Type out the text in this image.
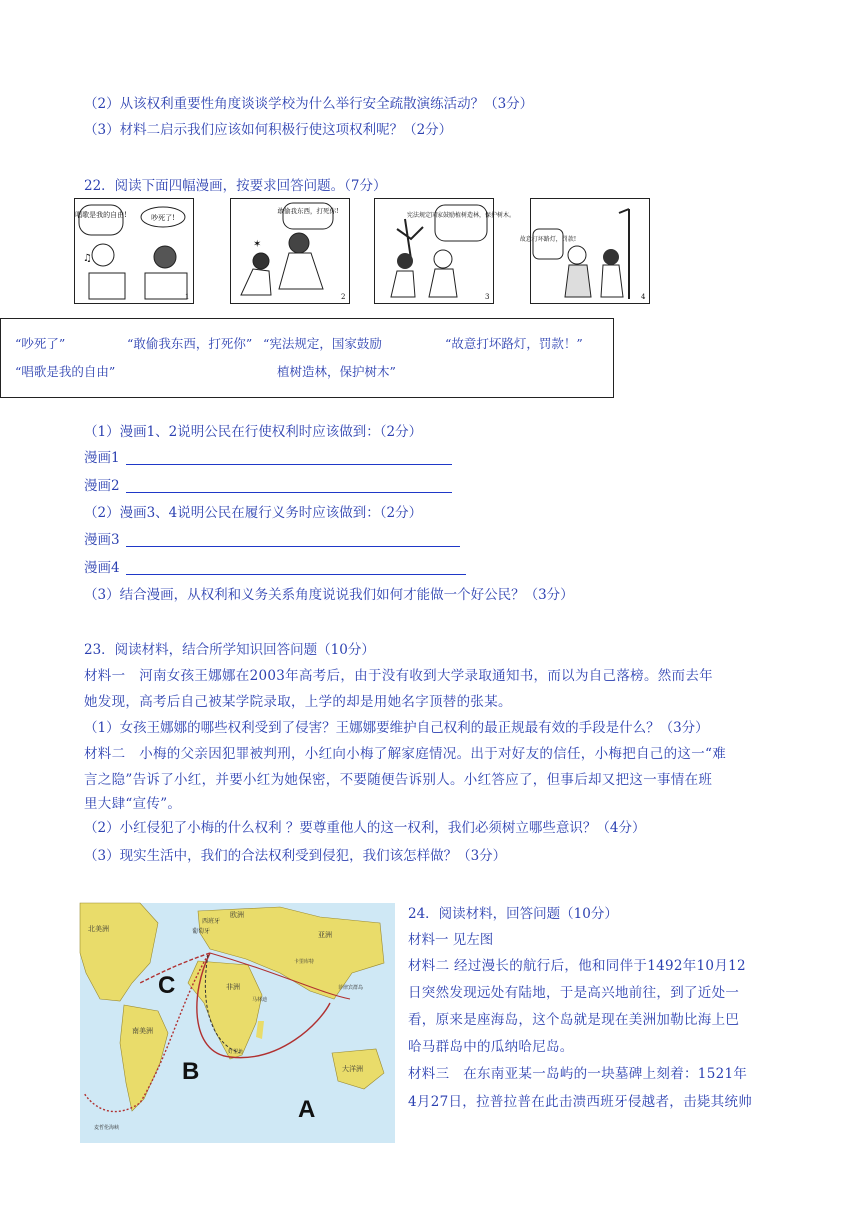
（2）从该权利重要性角度谈谈学校为什么举行安全疏散演练活动？（3分）
（3）材料二启示我们应该如何积极行使这项权利呢？（2分）
22．阅读下面四幅漫画，按要求回答问题。（7分）
唱歌是我的自由!	吵死了!
♫
1
敢偷我东西，打死你!
✶
2
宪法规定国家鼓励植树造林，保护树木。
3
故意打坏路灯，罚款!
4
“吵死了”
“唱歌是我的自由”
“敢偷我东西，打死你” “宪法规定，国家鼓励
植树造林，保护树木”
“故意打坏路灯，罚款！”
（1）漫画1、2说明公民在行使权利时应该做到：（2分）
漫画1
漫画2
（2）漫画3、4说明公民在履行义务时应该做到：（2分）
漫画3
漫画4
（3）结合漫画，从权利和义务关系角度说说我们如何才能做一个好公民？（3分）
23．阅读材料，结合所学知识回答问题（10分）
材料一　河南女孩王娜娜在2003年高考后，由于没有收到大学录取通知书，而以为自己落榜。然而去年
她发现，高考后自己被某学院录取，上学的却是用她名字顶替的张某。
（1）女孩王娜娜的哪些权利受到了侵害？王娜娜要维护自己权利的最正规最有效的手段是什么？（3分）
材料二　小梅的父亲因犯罪被判刑，小红向小梅了解家庭情况。出于对好友的信任，小梅把自己的这一“难
言之隐”告诉了小红，并要小红为她保密，不要随便告诉别人。小红答应了，但事后却又把这一事情在班
里大肆“宣传”。
（2）小红侵犯了小梅的什么权利 ？要尊重他人的这一权利，我们必须树立哪些意识？（4分）
（3）现实生活中，我们的合法权利受到侵犯，我们该怎样做？（3分）
C
B
A
西班牙
葡萄牙
欧洲
非洲
亚洲
北美洲
南美洲
大洋洲
菲律宾群岛
好望角
卡里库特
马林迪
麦哲伦海峡
24．阅读材料，回答问题（10分）
材料一 见左图
材料二 经过漫长的航行后，他和同伴于1492年10月12
日突然发现远处有陆地，于是高兴地前往，到了近处一
看，原来是座海岛，这个岛就是现在美洲加勒比海上巴
哈马群岛中的瓜纳哈尼岛。
材料三　在东南亚某一岛屿的一块墓碑上刻着：1521年
4月27日，拉普拉普在此击溃西班牙侵越者，击毙其统帅
